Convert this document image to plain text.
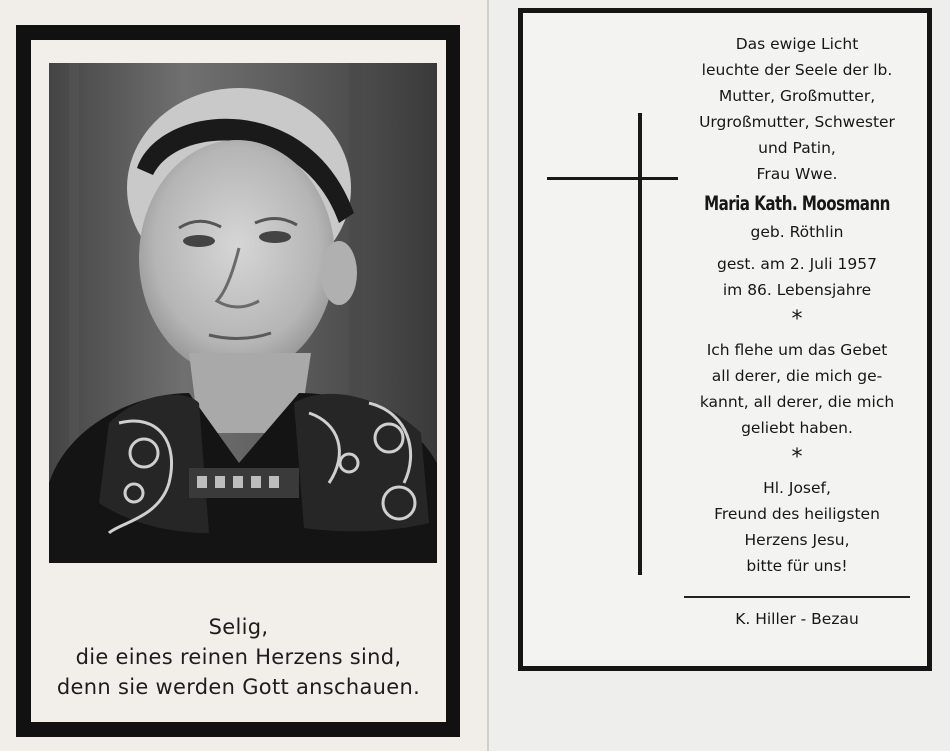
Selig,
die eines reinen Herzens sind,
denn sie werden Gott anschauen.
Das ewige Licht
leuchte der Seele der lb.
Mutter, Großmutter,
Urgroßmutter, Schwester
und Patin,
Frau Wwe.
Maria Kath. Moosmann
geb. Röthlin
gest. am 2. Juli 1957
im 86. Lebensjahre
*
Ich flehe um das Gebet
all derer, die mich ge-
kannt, all derer, die mich
geliebt haben.
*
Hl. Josef,
Freund des heiligsten
Herzens Jesu,
bitte für uns!
K. Hiller - Bezau
